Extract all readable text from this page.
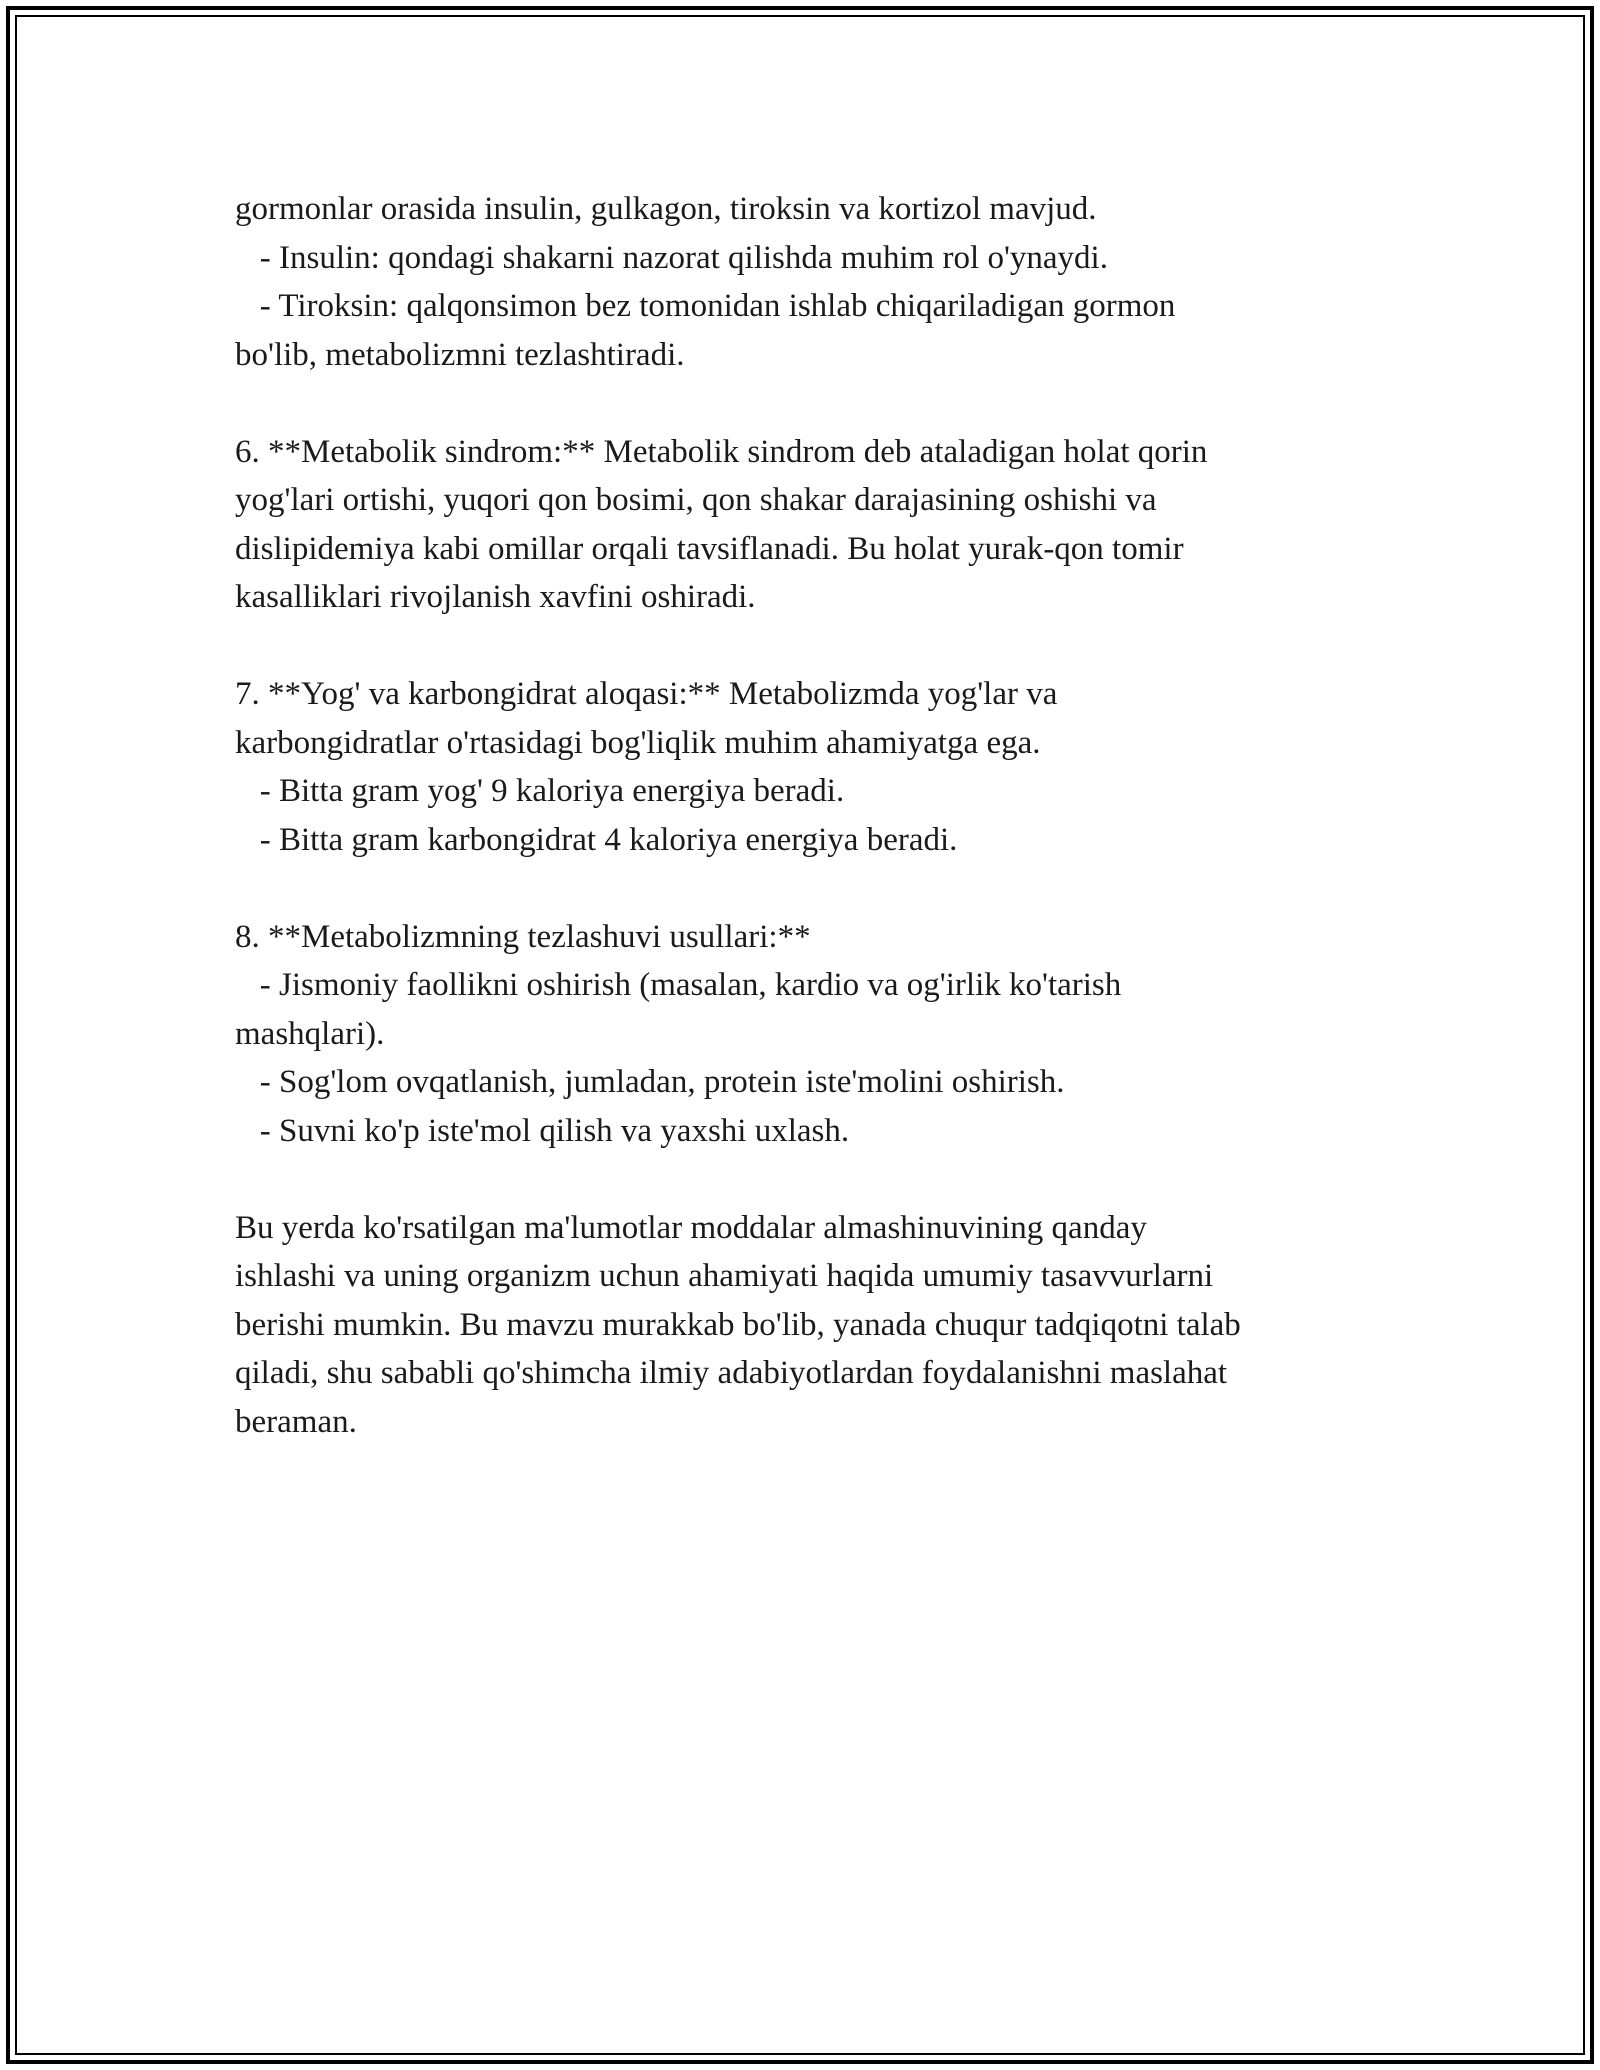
gormonlar orasida insulin, gulkagon, tiroksin va kortizol mavjud.

- Insulin: qondagi shakarni nazorat qilishda muhim rol o'ynaydi.

- Tiroksin: qalqonsimon bez tomonidan ishlab chiqariladigan gormon

bo'lib, metabolizmni tezlashtiradi.

6. **Metabolik sindrom:** Metabolik sindrom deb ataladigan holat qorin

yog'lari ortishi, yuqori qon bosimi, qon shakar darajasining oshishi va

dislipidemiya kabi omillar orqali tavsiflanadi. Bu holat yurak-qon tomir

kasalliklari rivojlanish xavfini oshiradi.

7. **Yog' va karbongidrat aloqasi:** Metabolizmda yog'lar va

karbongidratlar o'rtasidagi bog'liqlik muhim ahamiyatga ega.

- Bitta gram yog' 9 kaloriya energiya beradi.

- Bitta gram karbongidrat 4 kaloriya energiya beradi.

8. **Metabolizmning tezlashuvi usullari:**

- Jismoniy faollikni oshirish (masalan, kardio va og'irlik ko'tarish

mashqlari).

- Sog'lom ovqatlanish, jumladan, protein iste'molini oshirish.

- Suvni ko'p iste'mol qilish va yaxshi uxlash.

Bu yerda ko'rsatilgan ma'lumotlar moddalar almashinuvining qanday

ishlashi va uning organizm uchun ahamiyati haqida umumiy tasavvurlarni

berishi mumkin. Bu mavzu murakkab bo'lib, yanada chuqur tadqiqotni talab

qiladi, shu sababli qo'shimcha ilmiy adabiyotlardan foydalanishni maslahat

beraman.
